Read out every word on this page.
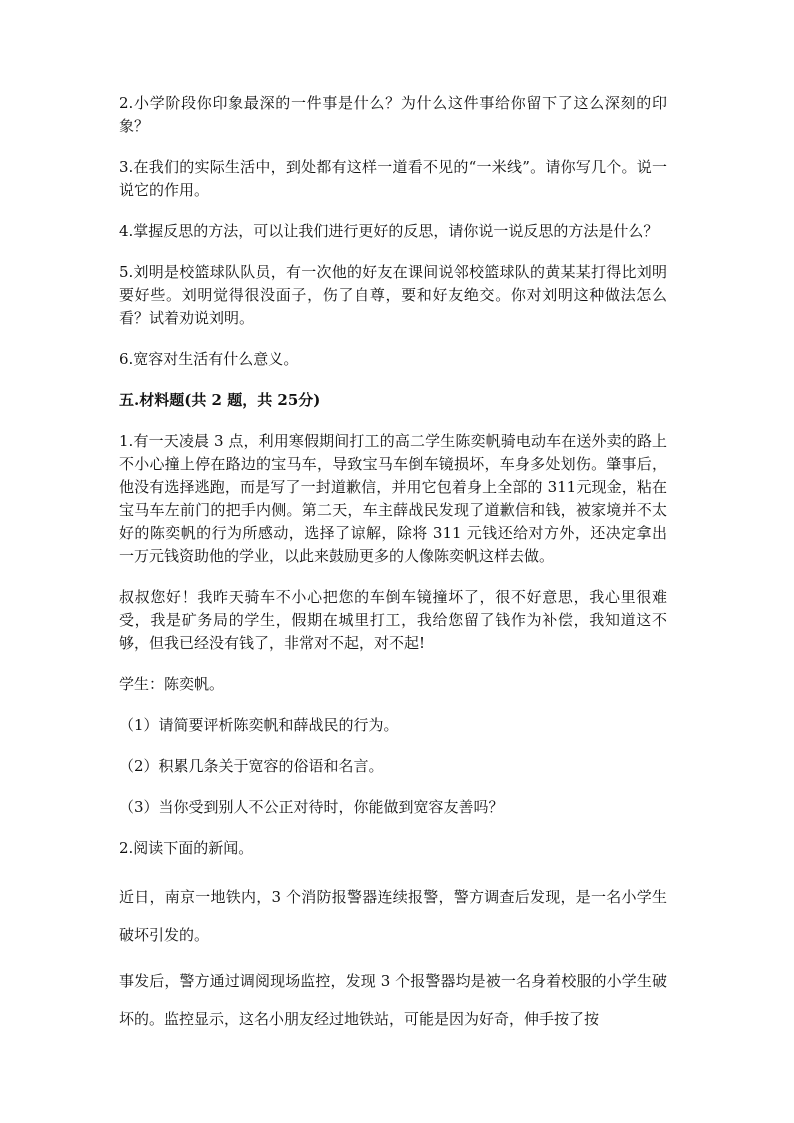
2.小学阶段你印象最深的一件事是什么？为什么这件事给你留下了这么深刻的印象？

3.在我们的实际生活中，到处都有这样一道看不见的“一米线”。请你写几个。说一说它的作用。

4.掌握反思的方法，可以让我们进行更好的反思，请你说一说反思的方法是什么？

5.刘明是校篮球队队员，有一次他的好友在课间说邻校篮球队的黄某某打得比刘明要好些。刘明觉得很没面子，伤了自尊，要和好友绝交。你对刘明这种做法怎么看？试着劝说刘明。

6.宽容对生活有什么意义。

五.材料题(共 2 题，共 25分)

1.有一天凌晨 3 点，利用寒假期间打工的高二学生陈奕帆骑电动车在送外卖的路上不小心撞上停在路边的宝马车，导致宝马车倒车镜损坏，车身多处划伤。肇事后，他没有选择逃跑，而是写了一封道歉信，并用它包着身上全部的 311元现金，粘在宝马车左前门的把手内侧。第二天，车主薛战民发现了道歉信和钱，被家境并不太好的陈奕帆的行为所感动，选择了谅解，除将 311 元钱还给对方外，还决定拿出一万元钱资助他的学业，以此来鼓励更多的人像陈奕帆这样去做。

叔叔您好！我昨天骑车不小心把您的车倒车镜撞坏了，很不好意思，我心里很难受，我是矿务局的学生，假期在城里打工，我给您留了钱作为补偿，我知道这不够，但我已经没有钱了，非常对不起，对不起!

学生：陈奕帆。

（1）请简要评析陈奕帆和薛战民的行为。

（2）积累几条关于宽容的俗语和名言。

（3）当你受到别人不公正对待时，你能做到宽容友善吗？

2.阅读下面的新闻。

近日，南京一地铁内，3 个消防报警器连续报警，警方调查后发现，是一名小学生破坏引发的。

事发后，警方通过调阅现场监控，发现 3 个报警器均是被一名身着校服的小学生破坏的。监控显示，这名小朋友经过地铁站，可能是因为好奇，伸手按了按
